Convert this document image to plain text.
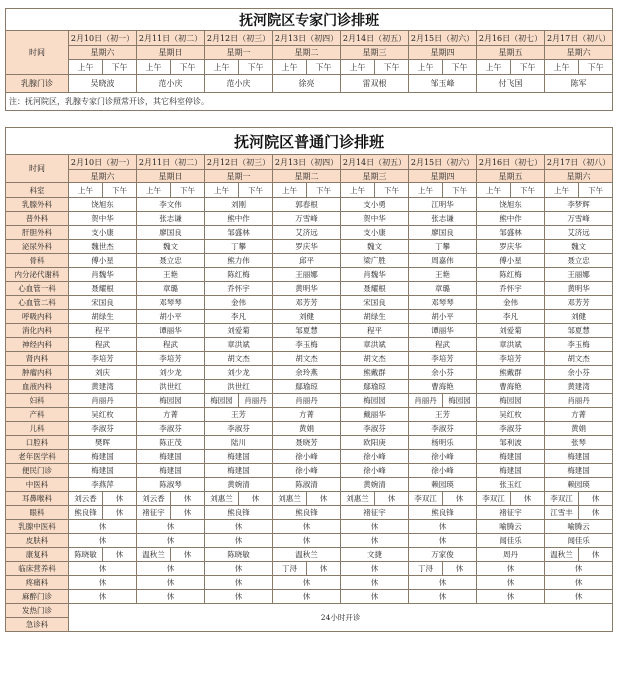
抚河院区专家门诊排班																
时间	2月10日（初一）		2月11日（初二）		2月12日（初三）		2月13日（初四）		2月14日（初五）		2月15日（初六）		2月16日（初七）		2月17日（初八）	
	星期六		星期日		星期一		星期二		星期三		星期四		星期五		星期六	
	上午	下午	上午	下午	上午	下午	上午	下午	上午	下午	上午	下午	上午	下午	上午	下午
乳腺门诊	吴晓波		范小庆		范小庆		徐亮		雷双根		邹玉峰		付飞国		陈军	
注：抚河院区，乳腺专家门诊照常开诊，其它科室停诊。																
抚河院区普通门诊排班																
时间	2月10日（初一）		2月11日（初二）		2月12日（初三）		2月13日（初四）		2月14日（初五）		2月15日（初六）		2月16日（初七）		2月17日（初八）	
	星期六		星期日		星期一		星期二		星期三		星期四		星期五		星期六	
科室	上午	下午	上午	下午	上午	下午	上午	下午	上午	下午	上午	下午	上午	下午	上午	下午
乳腺外科	饶旭东		李文伟		刘刚		郭春根		支小勇		江明华		饶旭东		李梦辉	
普外科	贺中华		张志谦		熊中作		万雪峰		贺中华		张志谦		熊中作		万雪峰	
肝胆外科	支小康		廖国良		邹盛林		艾济远		支小康		廖国良		邹盛林		艾济远	
泌尿外科	魏世杰		魏文		丁攀		罗庆华		魏文		丁攀		罗庆华		魏文	
骨科	傅小星		聂立忠		熊力伟		邱平		梁广胜		周嘉伟		傅小星		聂立忠	
内分泌代谢科	肖魏华		王艳		陈红梅		王丽娜		肖魏华		王艳		陈红梅		王丽娜	
心血管一科	聂耀根		章璐		乔怀宇		黄明华		聂耀根		章璐		乔怀宇		黄明华	
心血管二科	宋国良		邓琴琴		金伟		邓芳芳		宋国良		邓琴琴		金伟		邓芳芳	
呼吸内科	胡绿生		胡小平		李凡		刘健		胡绿生		胡小平		李凡		刘健	
消化内科	程平		谭丽华		刘爱菊		邹夏慧		程平		谭丽华		刘爱菊		邹夏慧	
神经内科	程武		程武		章洪斌		李玉梅		章洪斌		程武		章洪斌		李玉梅	
肾内科	李培芳		李培芳		胡文杰		胡文杰		胡文杰		李培芳		李培芳		胡文杰	
肿瘤内科	刘庆		刘少龙		刘少龙		余玲燕		熊戴群		余小芬		熊戴群		余小芬	
血液内科	黄建湾		洪世红		洪世红		鄢瑜琼		鄢瑜琼		曹海艳		曹海艳		黄建湾	
妇科	肖丽丹		梅园园		梅园园	肖丽丹	肖丽丹		梅园园		肖丽丹	梅园园	梅园园		肖丽丹	
产科	吴红枚		方菁		王芳		方菁		戴丽华		王芳		吴红枚		方菁	
儿科	李淑芬		李淑芬		李淑芬		黄娟		李淑芬		李淑芬		李淑芬		黄娟	
口腔科	樊晖		陈正茂		陆川		聂晓芳		欧阳庚		杨明乐		邹利波		张琴	
老年医学科	梅建国		梅建国		梅建国		徐小峰		徐小峰		徐小峰		梅建国		梅建国	
便民门诊	梅建国		梅建国		梅建国		徐小峰		徐小峰		徐小峰		梅建国		梅建国	
中医科	李燕萍		陈淑琴		黄婉清		陈淑清		黄婉清		赖园瑛		张玉红		赖园瑛	
耳鼻喉科	刘云香	休	刘云香	休	刘惠兰	休	刘惠兰	休	刘惠兰	休	李双江	休	李双江	休	李双江	休
眼科	熊良锋	休	褚征宇	休	熊良锋		熊良锋		褚征宇		熊良锋		褚征宇		江雪丰	休
乳腺中医科	休		休		休		休		休		休		喻腾云		喻腾云	
皮肤科	休		休		休		休		休		休		闻佳乐		闻佳乐	
康复科	陈晓敏	休	温秋兰	休	陈晓敏		温秋兰		文捷		万家俊		周丹		温秋兰	休
临床营养科	休		休		休		丁浔	休	休		丁浔	休	休		休	
疼痛科	休		休		休		休		休		休		休		休	
麻醉门诊	休		休		休		休		休		休		休		休	
发热门诊	24小时开诊															
急诊科																
